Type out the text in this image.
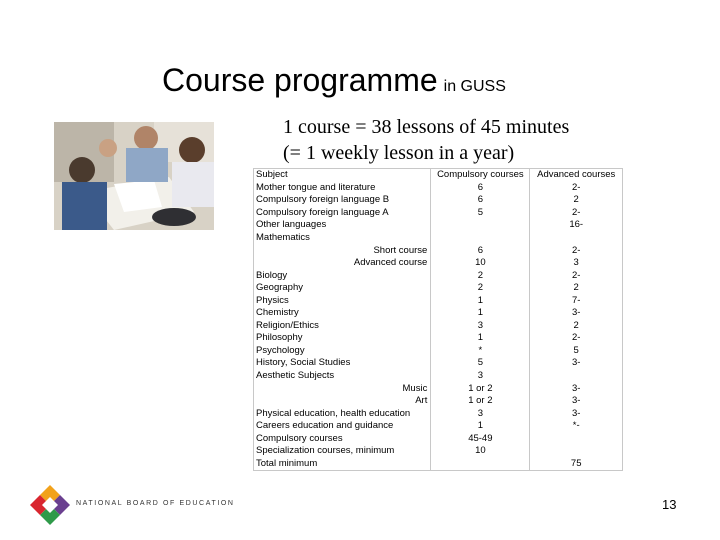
Course programme in GUSS
1 course = 38 lessons of 45 minutes
(= 1 weekly lesson in a year)
Subject	Compulsory courses	Advanced courses
Mother tongue and literature	6	2-
Compulsory foreign language B	6	2
Compulsory foreign language A	5	2-
Other languages		16-
Mathematics		
Short course	6	2-
Advanced course	10	3
Biology	2	2-
Geography	2	2
Physics	1	7-
Chemistry	1	3-
Religion/Ethics	3	2
Philosophy	1	2-
Psychology	*	5
History, Social Studies	5	3-
Aesthetic Subjects	3	
Music	1 or 2	3-
Art	1 or 2	3-
Physical education, health education	3	3-
Careers education and guidance	1	*-
Compulsory courses	45-49	
Specialization courses, minimum	10	
Total minimum		75
NATIONAL BOARD OF EDUCATION	13
